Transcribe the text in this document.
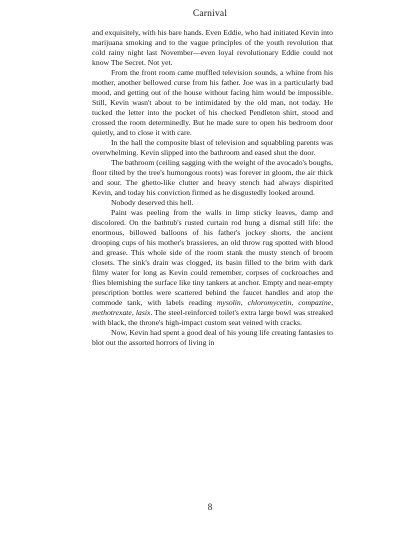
Carnival

and exquisitely, with his bare hands. Even Eddie, who had initiated Kevin into marijuana smoking and to the vague principles of the youth revolution that cold rainy night last November—even loyal revolutionary Eddie could not know The Secret. Not yet.

From the front room came muffled television sounds, a whine from his mother, another bellowed curse from his father. Joe was in a particularly bad mood, and getting out of the house without facing him would be impossible. Still, Kevin wasn't about to be intimidated by the old man, not today. He tucked the letter into the pocket of his checked Pendleton shirt, stood and crossed the room determinedly. But he made sure to open his bedroom door quietly, and to close it with care.

In the hall the composite blast of television and squabbling parents was overwhelming. Kevin slipped into the bathroom and eased shut the door.

The bathroom (ceiling sagging with the weight of the avocado's boughs, floor tilted by the tree's humongous roots) was forever in gloom, the air thick and sour. The ghetto-like clutter and heavy stench had always dispirited Kevin, and today his conviction firmed as he disgustedly looked around.

Nobody deserved this hell.

Paint was peeling from the walls in limp sticky leaves, damp and discolored. On the bathtub's rusted curtain rod hung a dismal still life: the enormous, billowed balloons of his father's jockey shorts, the ancient drooping cups of his mother's brassieres, an old throw rug spotted with blood and grease. This whole side of the room stank the musty stench of broom closets. The sink's drain was clogged, its basin filled to the brim with dark filmy water for long as Kevin could remember, corpses of cockroaches and flies blemishing the surface like tiny tankers at anchor. Empty and near-empty prescription bottles were scattered behind the faucet handles and atop the commode tank, with labels reading mysolin, chloromycetin, compazine, methotrexate, lasix. The steel-reinforced toilet's extra large bowl was streaked with black, the throne's high-impact custom seat veined with cracks.

Now, Kevin had spent a good deal of his young life creating fantasies to blot out the assorted horrors of living in

8
